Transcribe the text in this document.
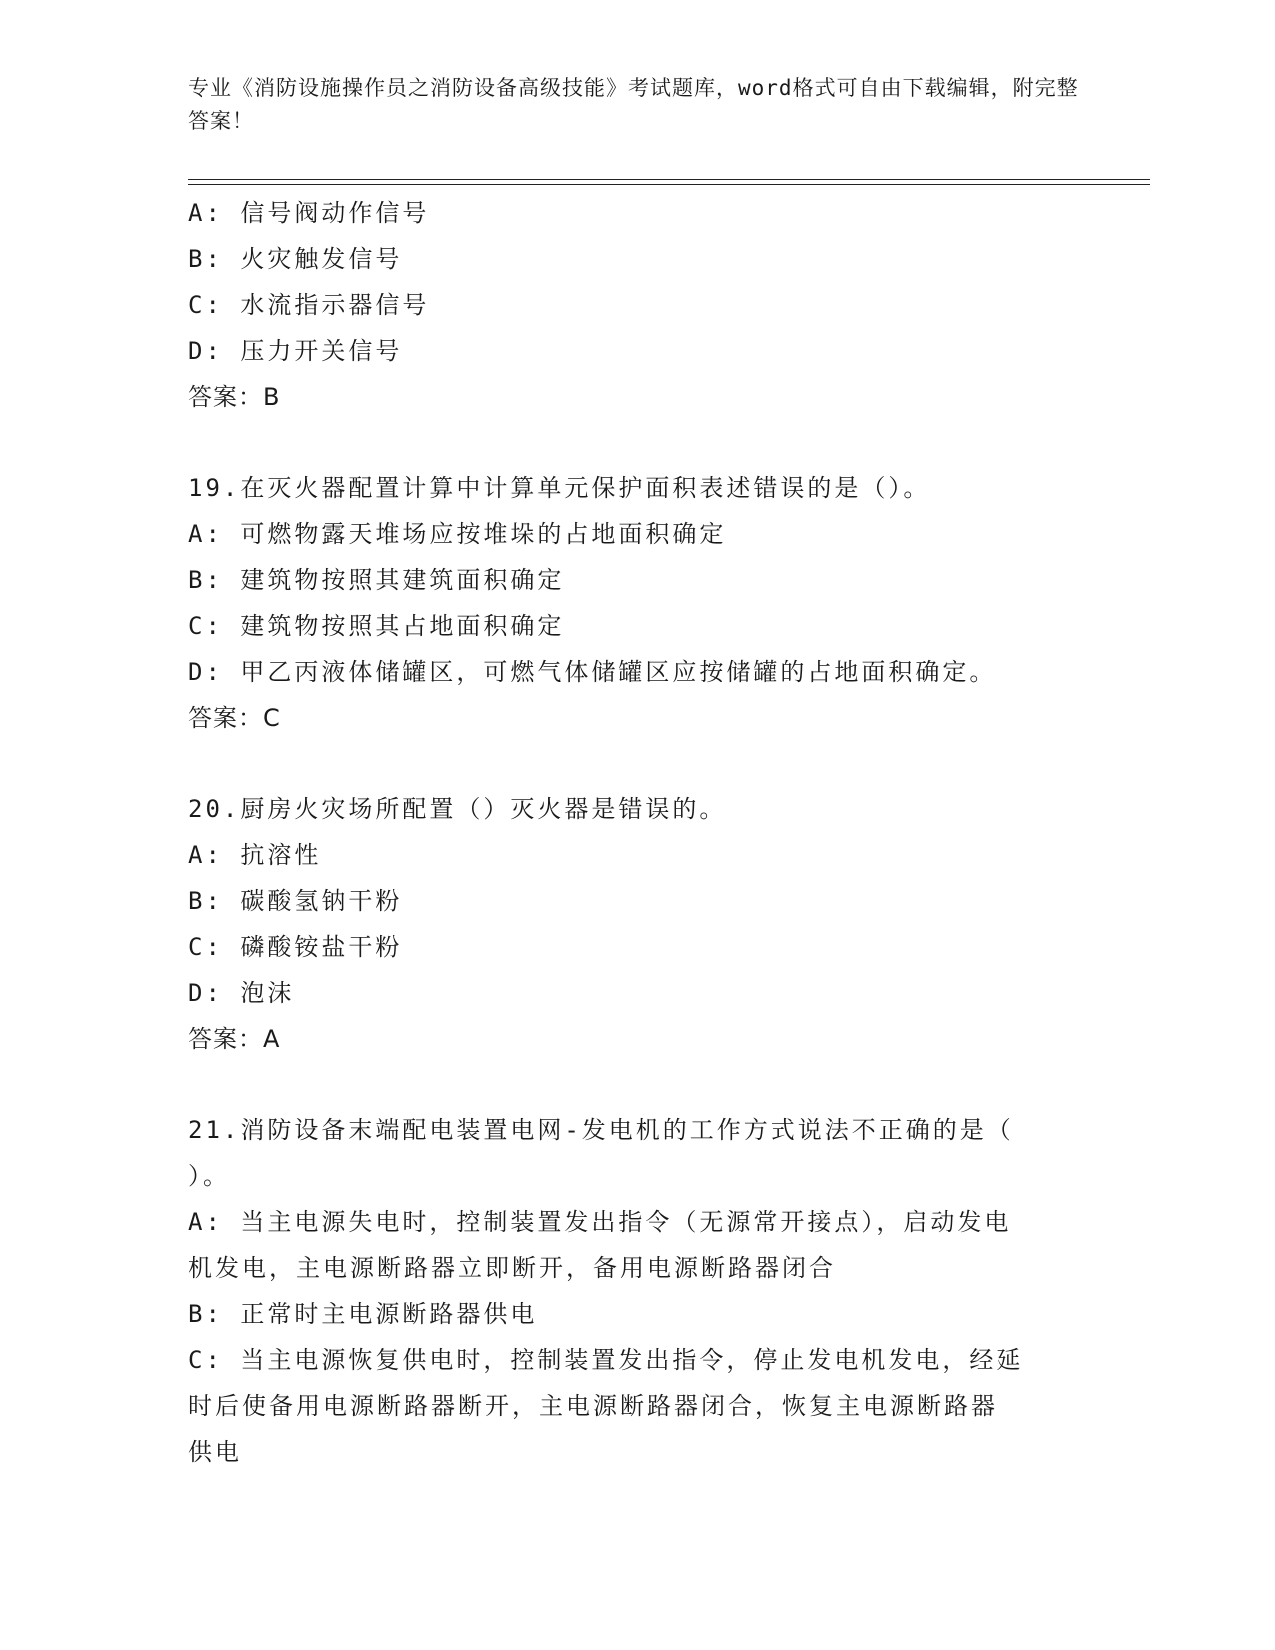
专业《消防设施操作员之消防设备高级技能》考试题库，word格式可自由下载编辑，附完整答案！
A: 信号阀动作信号
B: 火灾触发信号
C: 水流指示器信号
D: 压力开关信号
答案：B
19.在灭火器配置计算中计算单元保护面积表述错误的是（）。
A: 可燃物露天堆场应按堆垛的占地面积确定
B: 建筑物按照其建筑面积确定
C: 建筑物按照其占地面积确定
D: 甲乙丙液体储罐区，可燃气体储罐区应按储罐的占地面积确定。
答案：C
20.厨房火灾场所配置（）灭火器是错误的。
A: 抗溶性
B: 碳酸氢钠干粉
C: 磷酸铵盐干粉
D: 泡沫
答案：A
21.消防设备末端配电装置电网-发电机的工作方式说法不正确的是（
）。
A: 当主电源失电时，控制装置发出指令（无源常开接点），启动发电
机发电，主电源断路器立即断开，备用电源断路器闭合
B: 正常时主电源断路器供电
C: 当主电源恢复供电时，控制装置发出指令，停止发电机发电，经延
时后使备用电源断路器断开，主电源断路器闭合，恢复主电源断路器
供电
